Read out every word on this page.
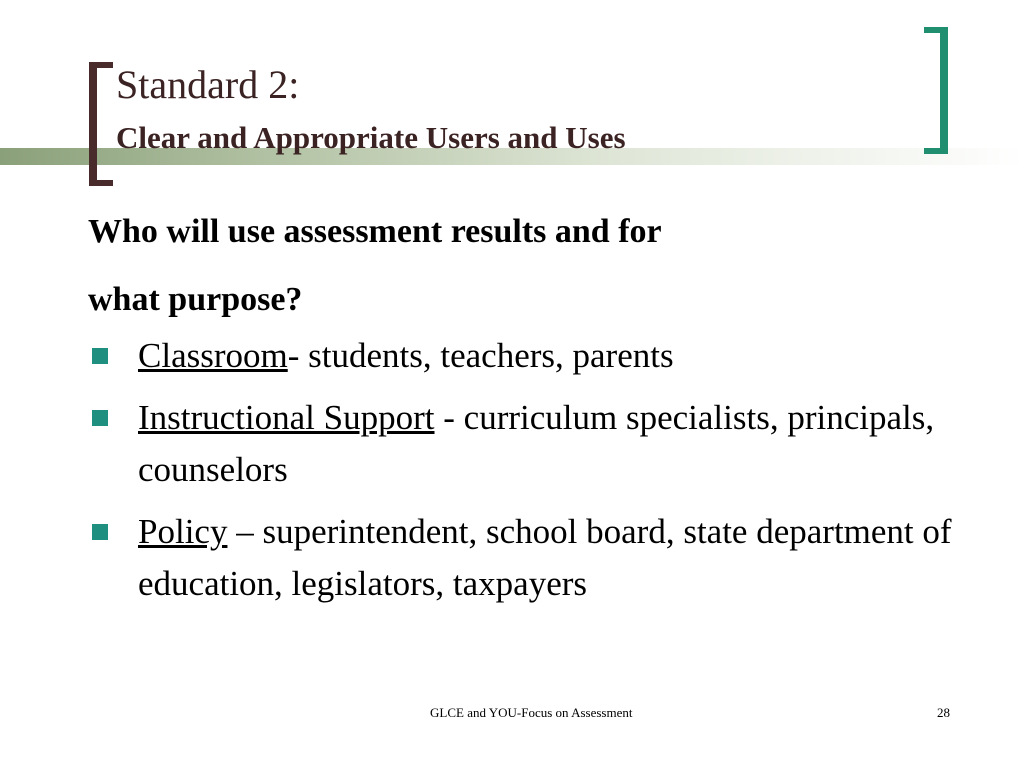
Standard 2:
Clear and Appropriate Users and Uses

Who will use assessment results and for
what purpose?

Classroom- students, teachers, parents
Instructional Support - curriculum specialists, principals, counselors
Policy – superintendent, school board, state department of education, legislators, taxpayers
GLCE and YOU-Focus on Assessment	28
